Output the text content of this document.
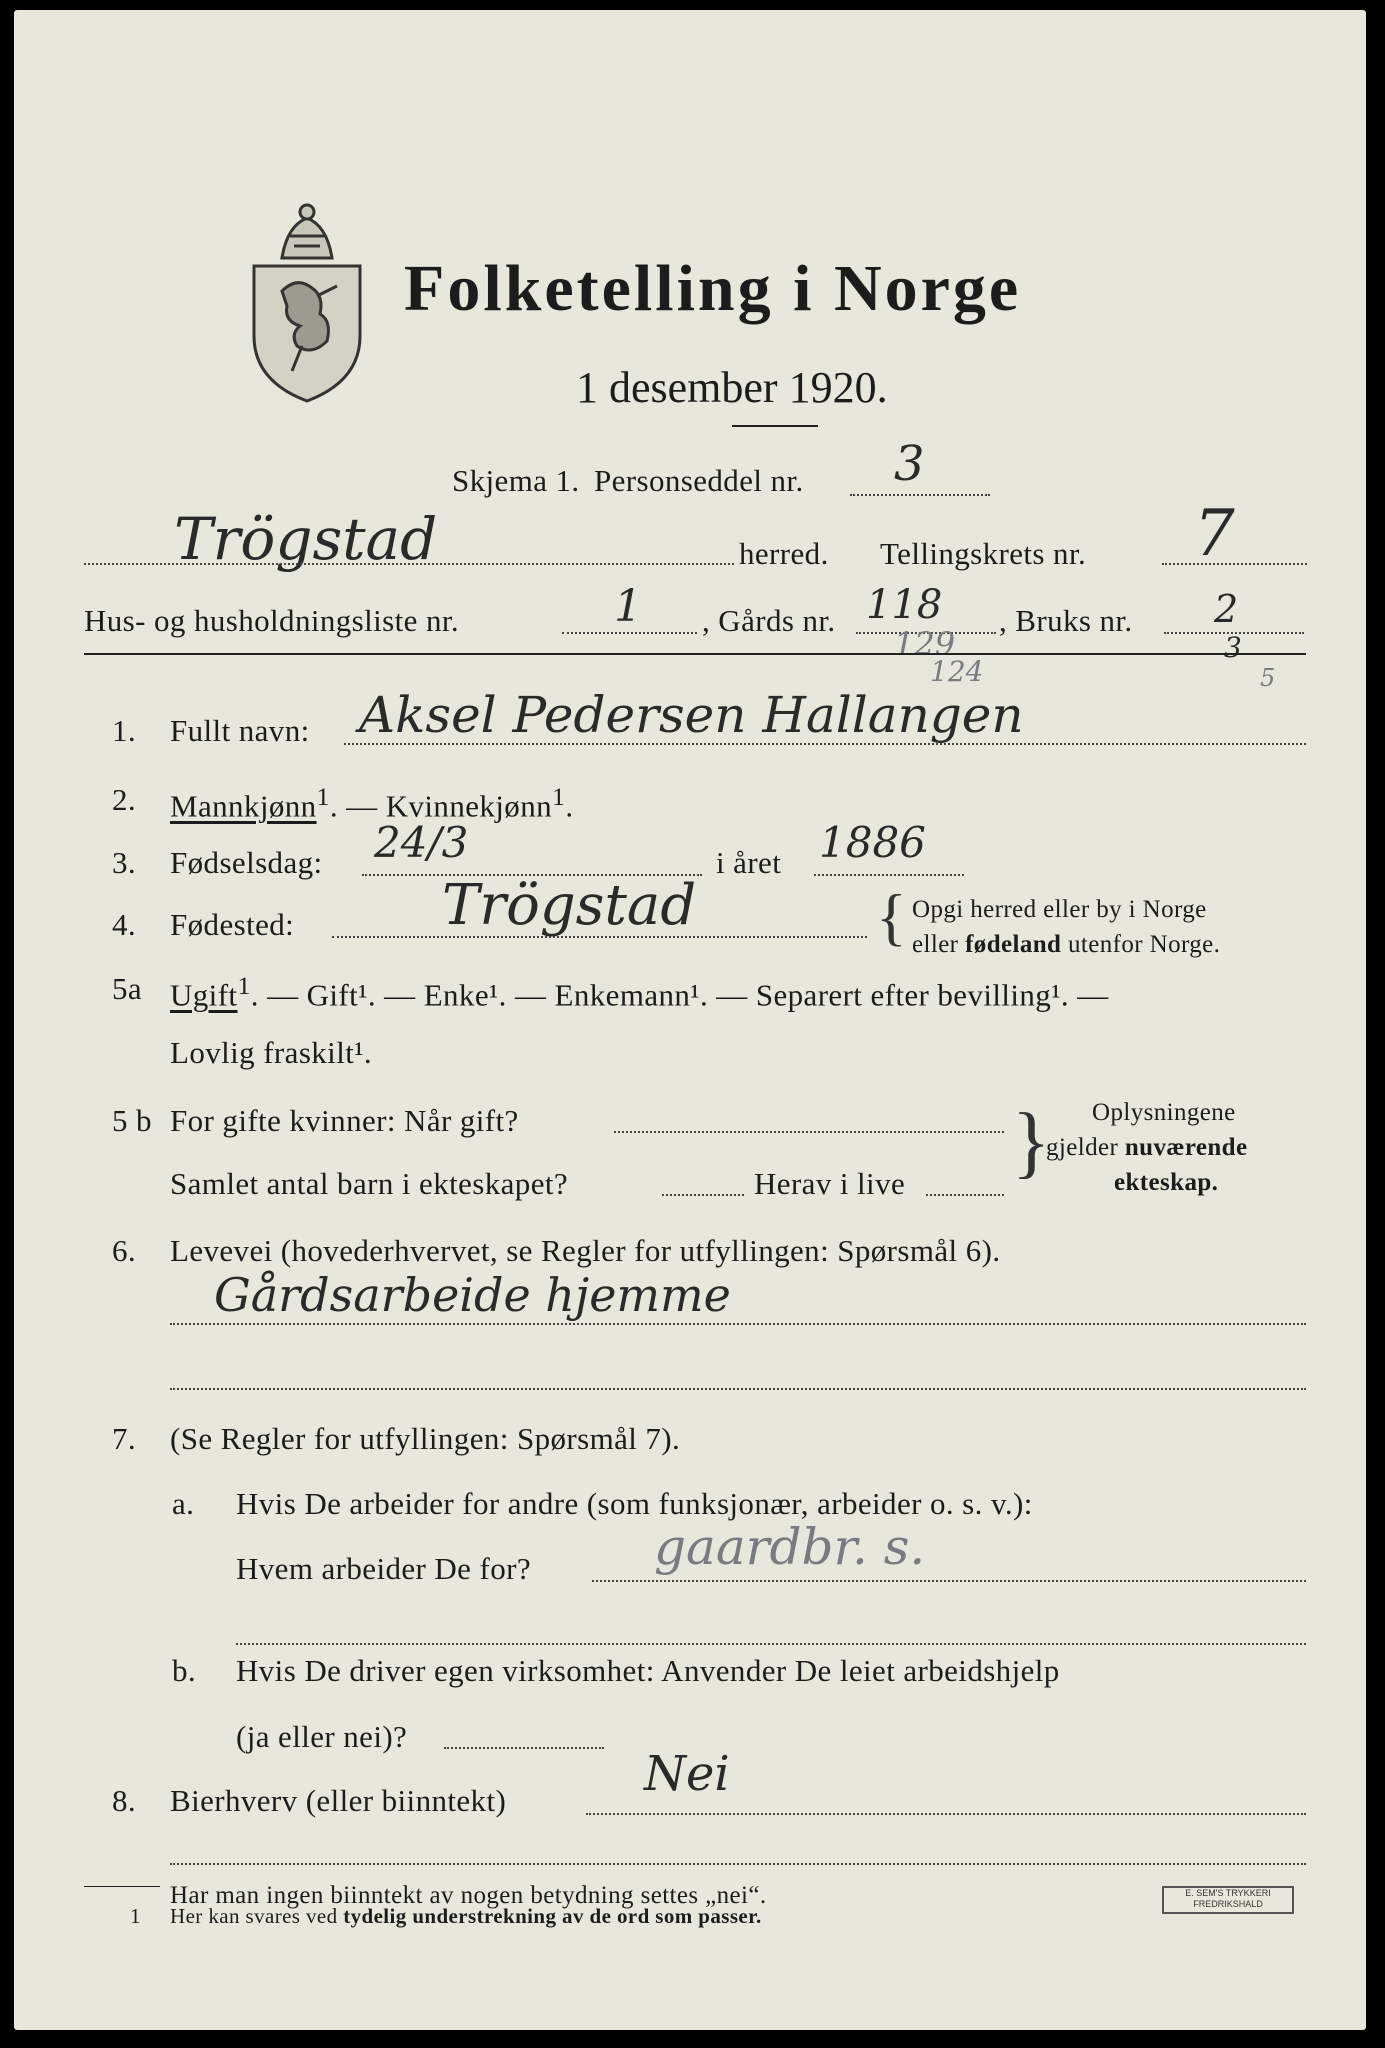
Folketelling i Norge
1 desember 1920.
Skjema 1. Personseddel nr. 3
Trögstad	herred. Tellingskrets nr. 7
Hus- og husholdningsliste nr.	1 , Gårds nr. 118
129
124
, Bruks nr. 2
3
5
1. Fullt navn: Aksel Pedersen Hallangen
2. Mannkjønn$^1$. — Kvinnekjønn$^1$.
3. Fødselsdag: 24/3	i året 1886
4. Fødested:	Trögstad	{ Opgi herred eller by i Norge
eller fødeland utenfor Norge.
5a Ugift$^1$. — Gift¹. — Enke¹. — Enkemann¹. — Separert efter bevilling¹. —
Lovlig fraskilt¹.
5 b For gifte kvinner: Når gift?
Samlet antal barn i ekteskapet?	Herav i live } Oplysningene
gjelder nuværende
ekteskap.
6. Levevei (hovederhvervet, se Regler for utfyllingen: Spørsmål 6).
Gårdsarbeide hjemme
7. (Se Regler for utfyllingen: Spørsmål 7).
a. Hvis De arbeider for andre (som funksjonær, arbeider o. s. v.):
Hvem arbeider De for? gaardbr. s.
b. Hvis De driver egen virksomhet: Anvender De leiet arbeidshjelp
(ja eller nei)?
8. Bierhverv (eller biinntekt)	Nei
Har man ingen biinntekt av nogen betydning settes „nei“.
1 Her kan svares ved tydelig understrekning av de ord som passer.
E. SEM'S TRYKKERI FREDRIKSHALD
